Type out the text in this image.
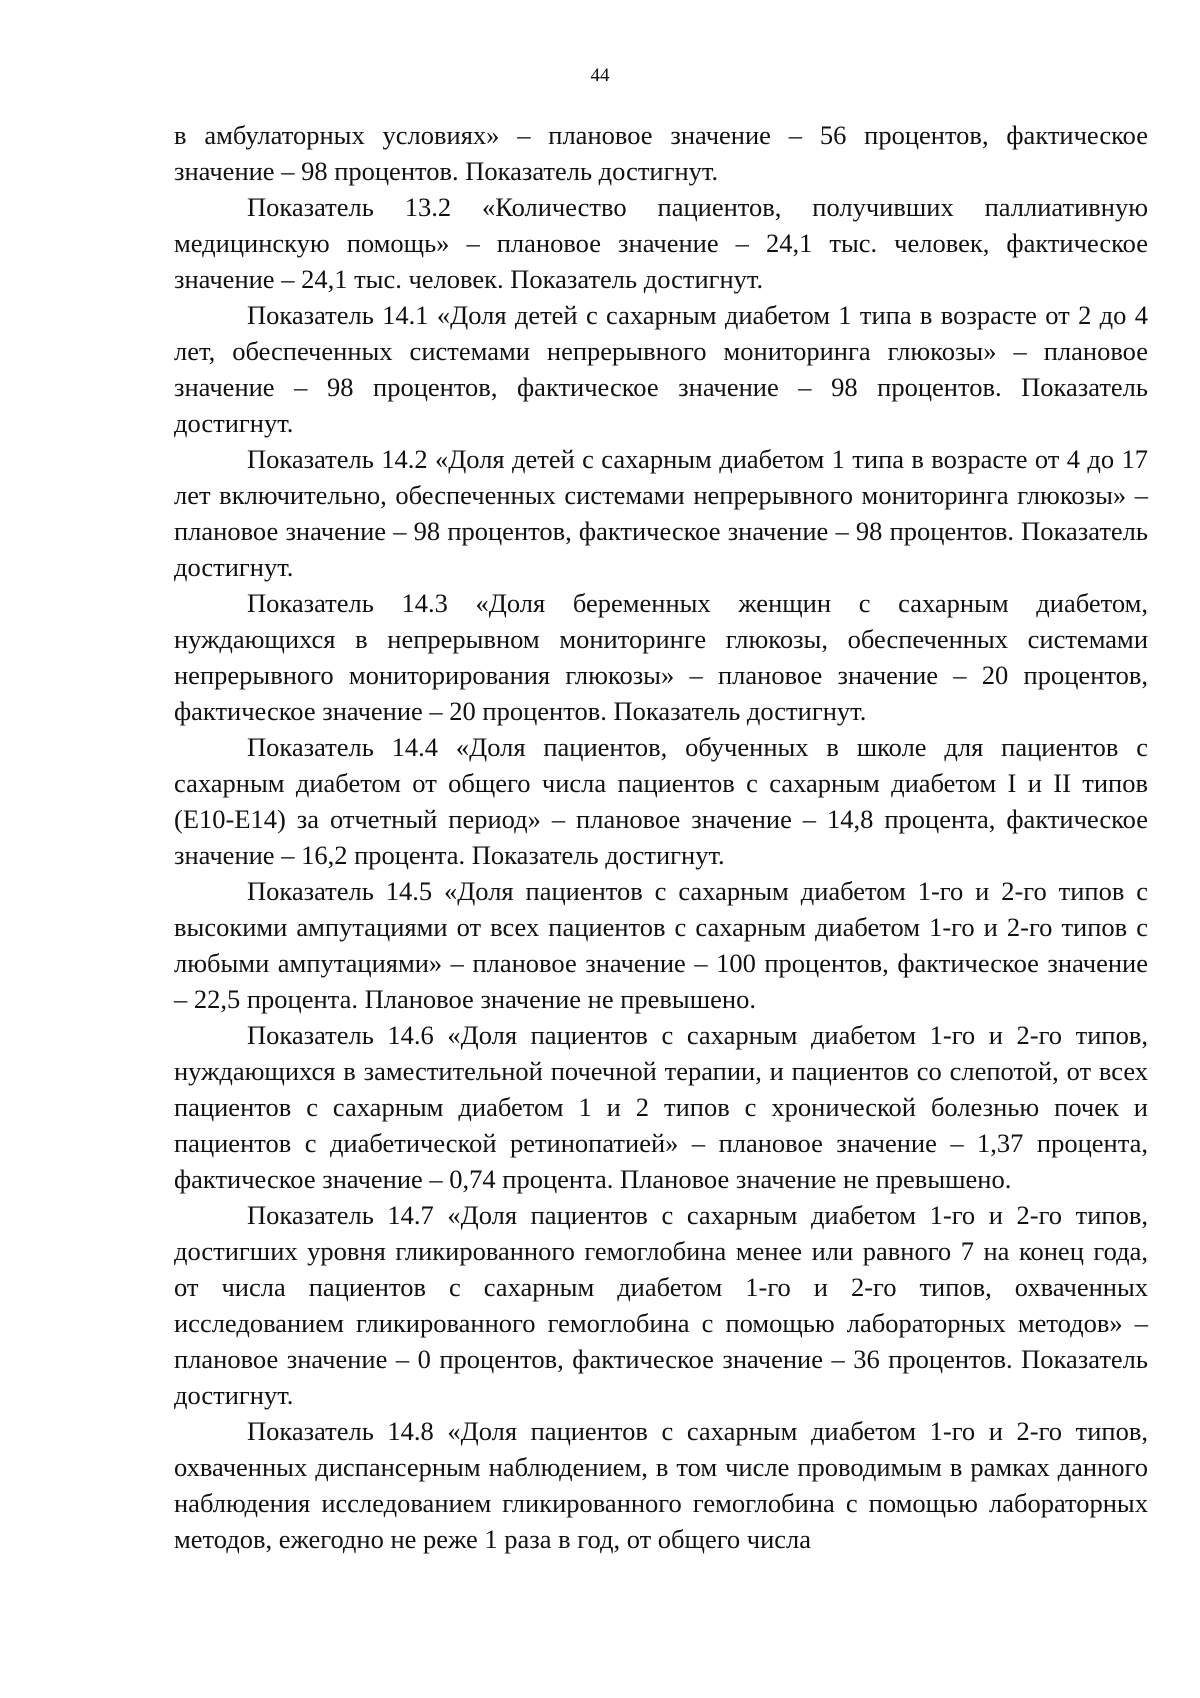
44

в амбулаторных условиях» – плановое значение – 56 процентов, фактическое значение – 98 процентов. Показатель достигнут.

Показатель 13.2 «Количество пациентов, получивших паллиативную медицинскую помощь» – плановое значение – 24,1 тыс. человек, фактическое значение – 24,1 тыс. человек. Показатель достигнут.

Показатель 14.1 «Доля детей с сахарным диабетом 1 типа в возрасте от 2 до 4 лет, обеспеченных системами непрерывного мониторинга глюкозы» – плановое значение – 98 процентов, фактическое значение – 98 процентов. Показатель достигнут.

Показатель 14.2 «Доля детей с сахарным диабетом 1 типа в возрасте от 4 до 17 лет включительно, обеспеченных системами непрерывного мониторинга глюкозы» – плановое значение – 98 процентов, фактическое значение – 98 процентов. Показатель достигнут.

Показатель 14.3 «Доля беременных женщин с сахарным диабетом, нуждающихся в непрерывном мониторинге глюкозы, обеспеченных системами непрерывного мониторирования глюкозы» – плановое значение – 20 процентов, фактическое значение – 20 процентов. Показатель достигнут.

Показатель 14.4 «Доля пациентов, обученных в школе для пациентов с сахарным диабетом от общего числа пациентов с сахарным диабетом I и II типов (Е10-Е14) за отчетный период» – плановое значение – 14,8 процента, фактическое значение – 16,2 процента. Показатель достигнут.

Показатель 14.5 «Доля пациентов с сахарным диабетом 1-го и 2-го типов с высокими ампутациями от всех пациентов с сахарным диабетом 1-го и 2-го типов с любыми ампутациями» – плановое значение – 100 процентов, фактическое значение – 22,5 процента. Плановое значение не превышено.

Показатель 14.6 «Доля пациентов с сахарным диабетом 1-го и 2-го типов, нуждающихся в заместительной почечной терапии, и пациентов со слепотой, от всех пациентов с сахарным диабетом 1 и 2 типов с хронической болезнью почек и пациентов с диабетической ретинопатией» – плановое значение – 1,37 процента, фактическое значение – 0,74 процента. Плановое значение не превышено.

Показатель 14.7 «Доля пациентов с сахарным диабетом 1-го и 2-го типов, достигших уровня гликированного гемоглобина менее или равного 7 на конец года, от числа пациентов с сахарным диабетом 1-го и 2-го типов, охваченных исследованием гликированного гемоглобина с помощью лабораторных методов» – плановое значение – 0 процентов, фактическое значение – 36 процентов. Показатель достигнут.

Показатель 14.8 «Доля пациентов с сахарным диабетом 1-го и 2-го типов, охваченных диспансерным наблюдением, в том числе проводимым в рамках данного наблюдения исследованием гликированного гемоглобина с помощью лабораторных методов, ежегодно не реже 1 раза в год, от общего числа
